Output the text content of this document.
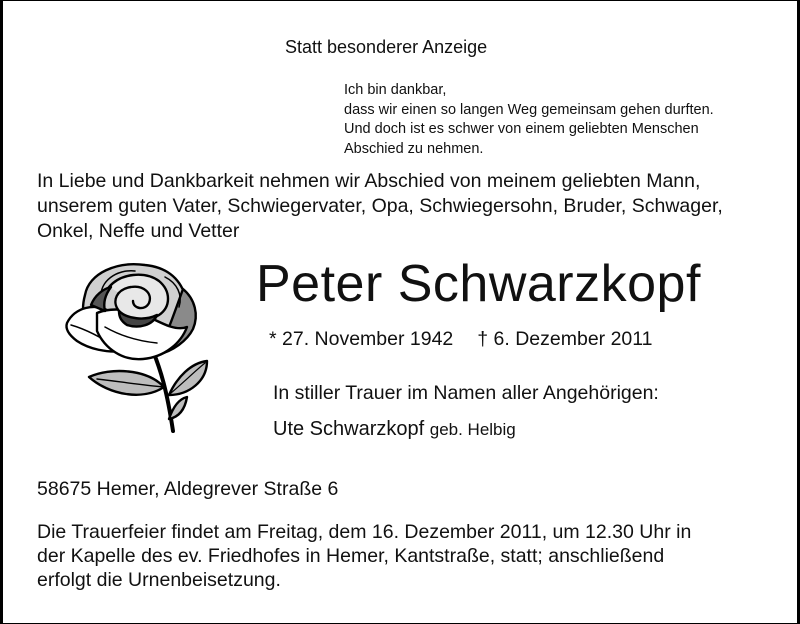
Statt besonderer Anzeige
Ich bin dankbar,
dass wir einen so langen Weg gemeinsam gehen durften.
Und doch ist es schwer von einem geliebten Menschen
Abschied zu nehmen.
In Liebe und Dankbarkeit nehmen wir Abschied von meinem geliebten Mann,
unserem guten Vater, Schwiegervater, Opa, Schwiegersohn, Bruder, Schwager,
Onkel, Neffe und Vetter
Peter Schwarzkopf
* 27. November 1942 † 6. Dezember 2011
In stiller Trauer im Namen aller Angehörigen:
Ute Schwarzkopf geb. Helbig
58675 Hemer, Aldegrever Straße 6
Die Trauerfeier findet am Freitag, dem 16. Dezember 2011, um 12.30 Uhr in
der Kapelle des ev. Friedhofes in Hemer, Kantstraße, statt; anschließend
erfolgt die Urnenbeisetzung.
